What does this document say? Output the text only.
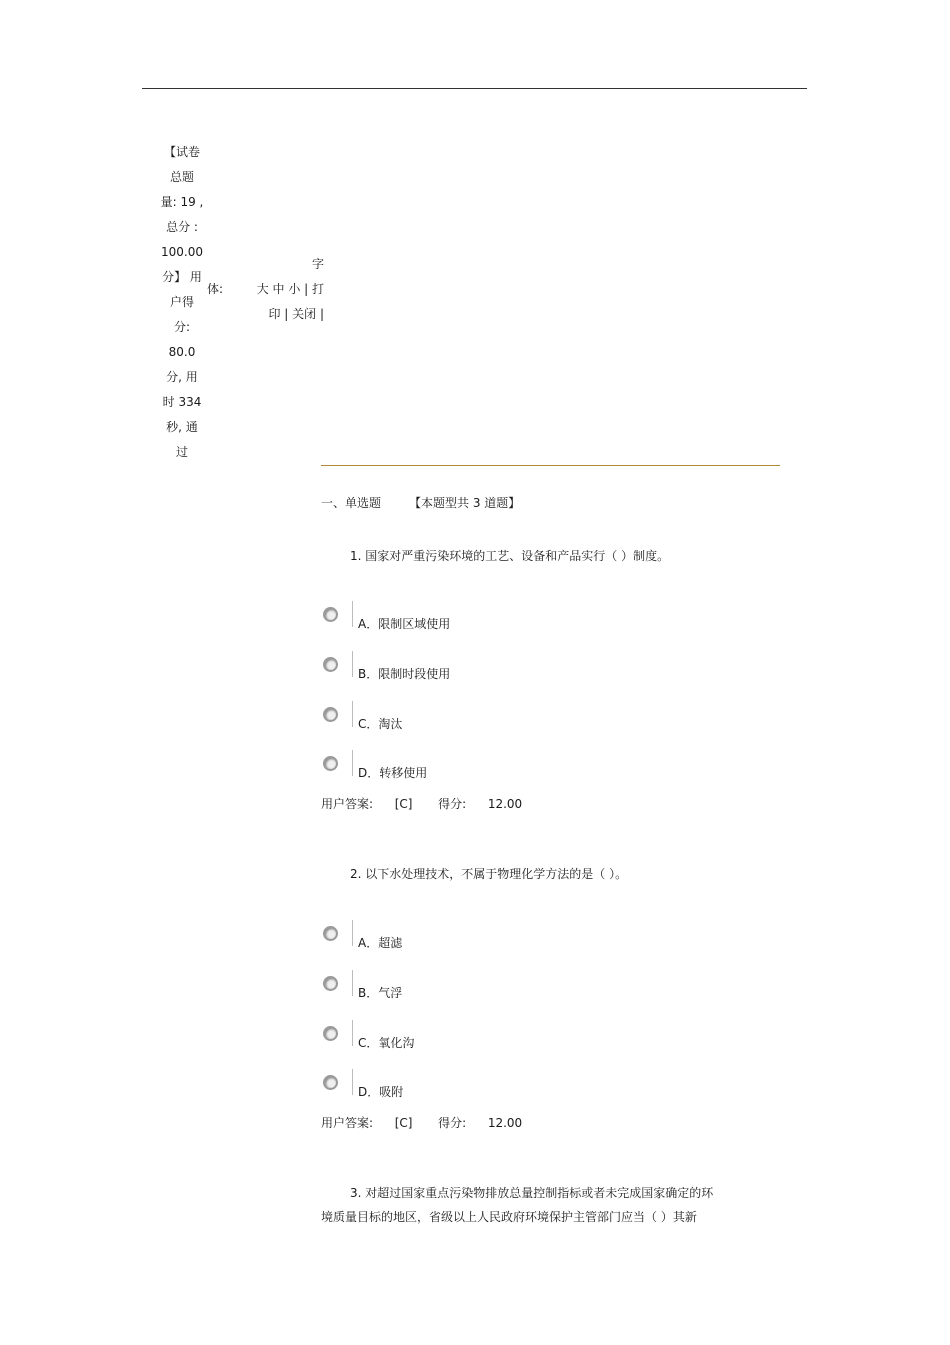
【试卷
总题
量: 19 ,
总分 :
100.00
分】 用
户得
分:
80.0
分, 用
时 334
秒, 通
过
体:
字
大 中 小 | 打
印 | 关闭 |
一、单选题 【本题型共 3 道题】
1. 国家对严重污染环境的工艺、设备和产品实行（ ）制度。
A．限制区域使用
B．限制时段使用
C．淘汰
D．转移使用
用户答案: [C] 得分: 12.00
2. 以下水处理技术，不属于物理化学方法的是（ ）。
A．超滤
B．气浮
C．氧化沟
D．吸附
用户答案: [C] 得分: 12.00
3. 对超过国家重点污染物排放总量控制指标或者未完成国家确定的环
境质量目标的地区，省级以上人民政府环境保护主管部门应当（ ）其新
